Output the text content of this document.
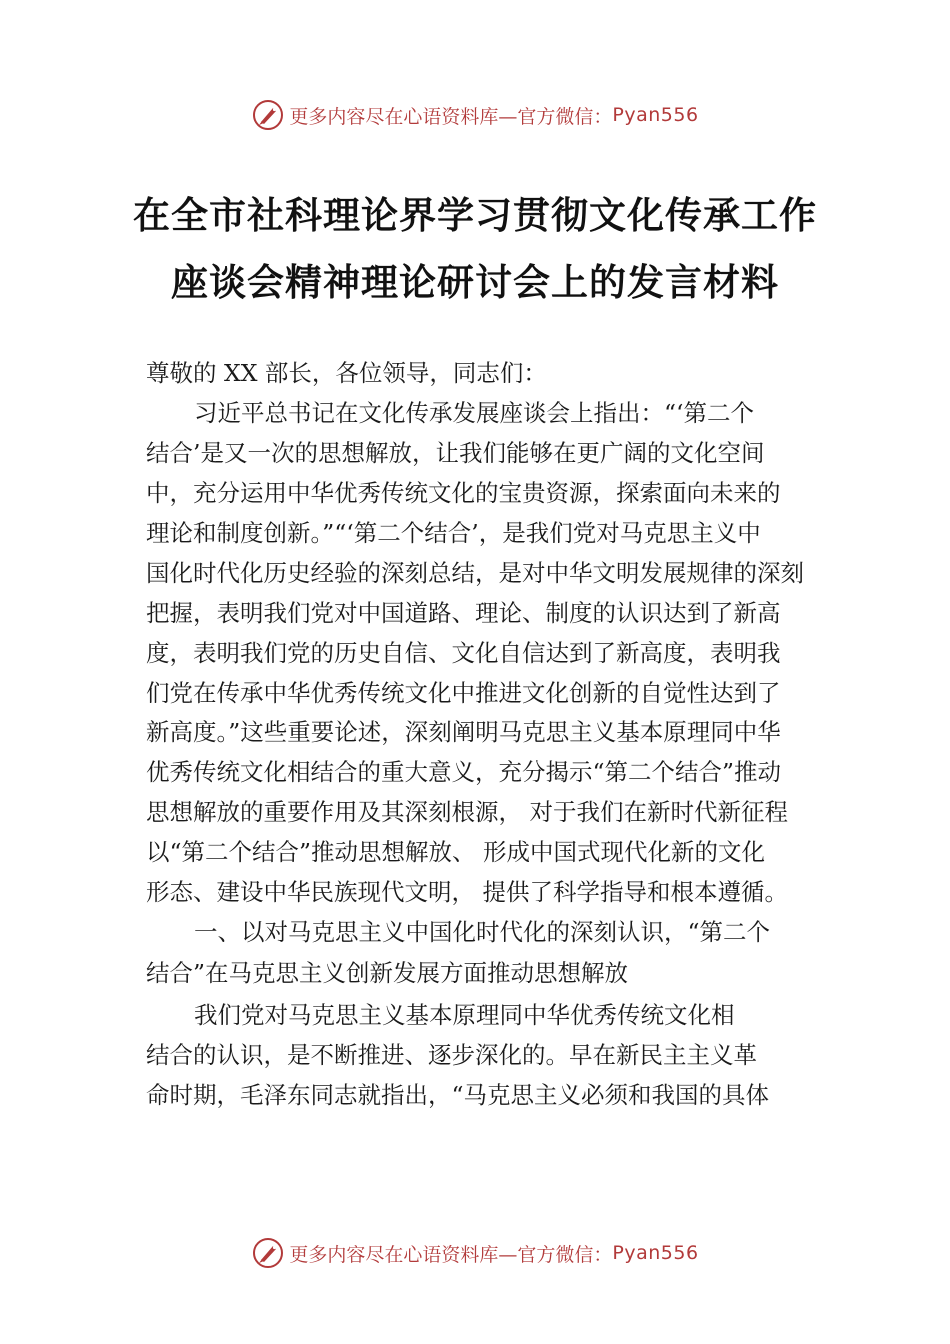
更多内容尽在心语资料库—官方微信： Pyan556
在全市社科理论界学习贯彻文化传承工作
座谈会精神理论研讨会上的发言材料
尊敬的 XX 部长，各位领导，同志们：
习近平总书记在文化传承发展座谈会上指出：“‘第二个
结合’是又一次的思想解放，让我们能够在更广阔的文化空间
中，充分运用中华优秀传统文化的宝贵资源，探索面向未来的
理论和制度创新。”“‘第二个结合’，是我们党对马克思主义中
国化时代化历史经验的深刻总结，是对中华文明发展规律的深刻
把握，表明我们党对中国道路、理论、制度的认识达到了新高
度，表明我们党的历史自信、文化自信达到了新高度，表明我
们党在传承中华优秀传统文化中推进文化创新的自觉性达到了
新高度。”这些重要论述，深刻阐明马克思主义基本原理同中华
优秀传统文化相结合的重大意义，充分揭示“第二个结合”推动
思想解放的重要作用及其深刻根源， 对于我们在新时代新征程
以“第二个结合”推动思想解放、 形成中国式现代化新的文化
形态、建设中华民族现代文明， 提供了科学指导和根本遵循。
一、以对马克思主义中国化时代化的深刻认识，“第二个
结合”在马克思主义创新发展方面推动思想解放
我们党对马克思主义基本原理同中华优秀传统文化相
结合的认识，是不断推进、逐步深化的。早在新民主主义革
命时期，毛泽东同志就指出，“马克思主义必须和我国的具体
更多内容尽在心语资料库—官方微信： Pyan556
